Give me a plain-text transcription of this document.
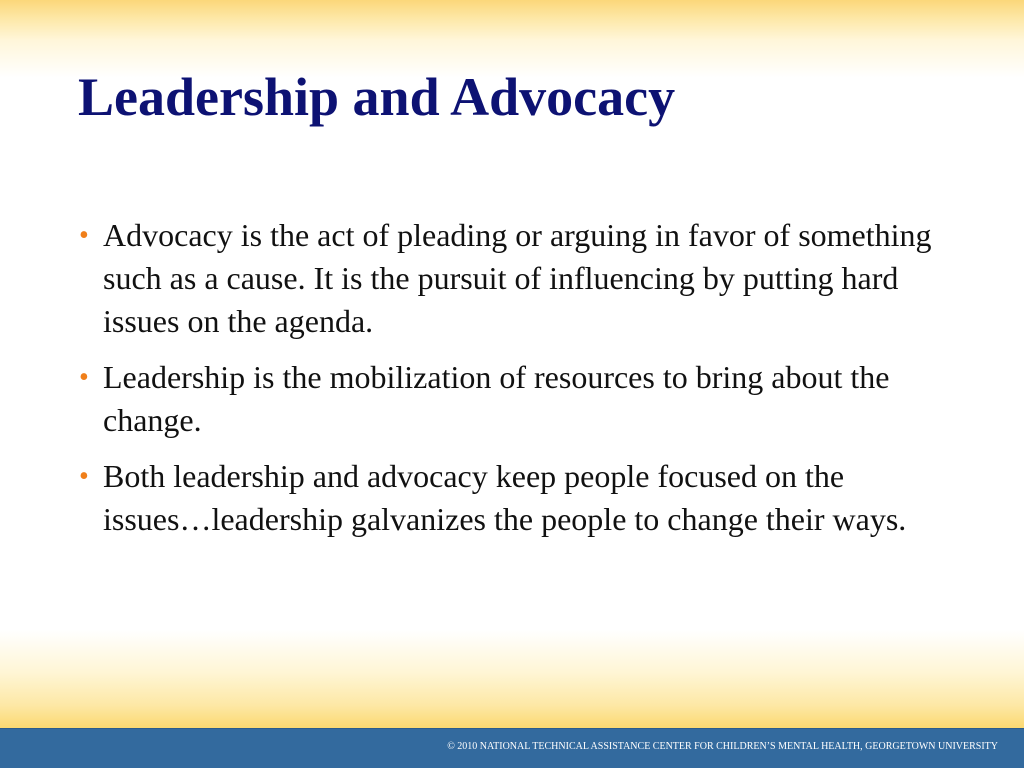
Leadership and Advocacy
• Advocacy is the act of pleading or arguing in favor of something such as a cause. It is the pursuit of influencing by putting hard issues on the agenda.
• Leadership is the mobilization of resources to bring about the change.
• Both leadership and advocacy keep people focused on the issues…leadership galvanizes the people to change their ways.
© 2010 NATIONAL TECHNICAL ASSISTANCE CENTER FOR CHILDREN’S MENTAL HEALTH, GEORGETOWN UNIVERSITY
